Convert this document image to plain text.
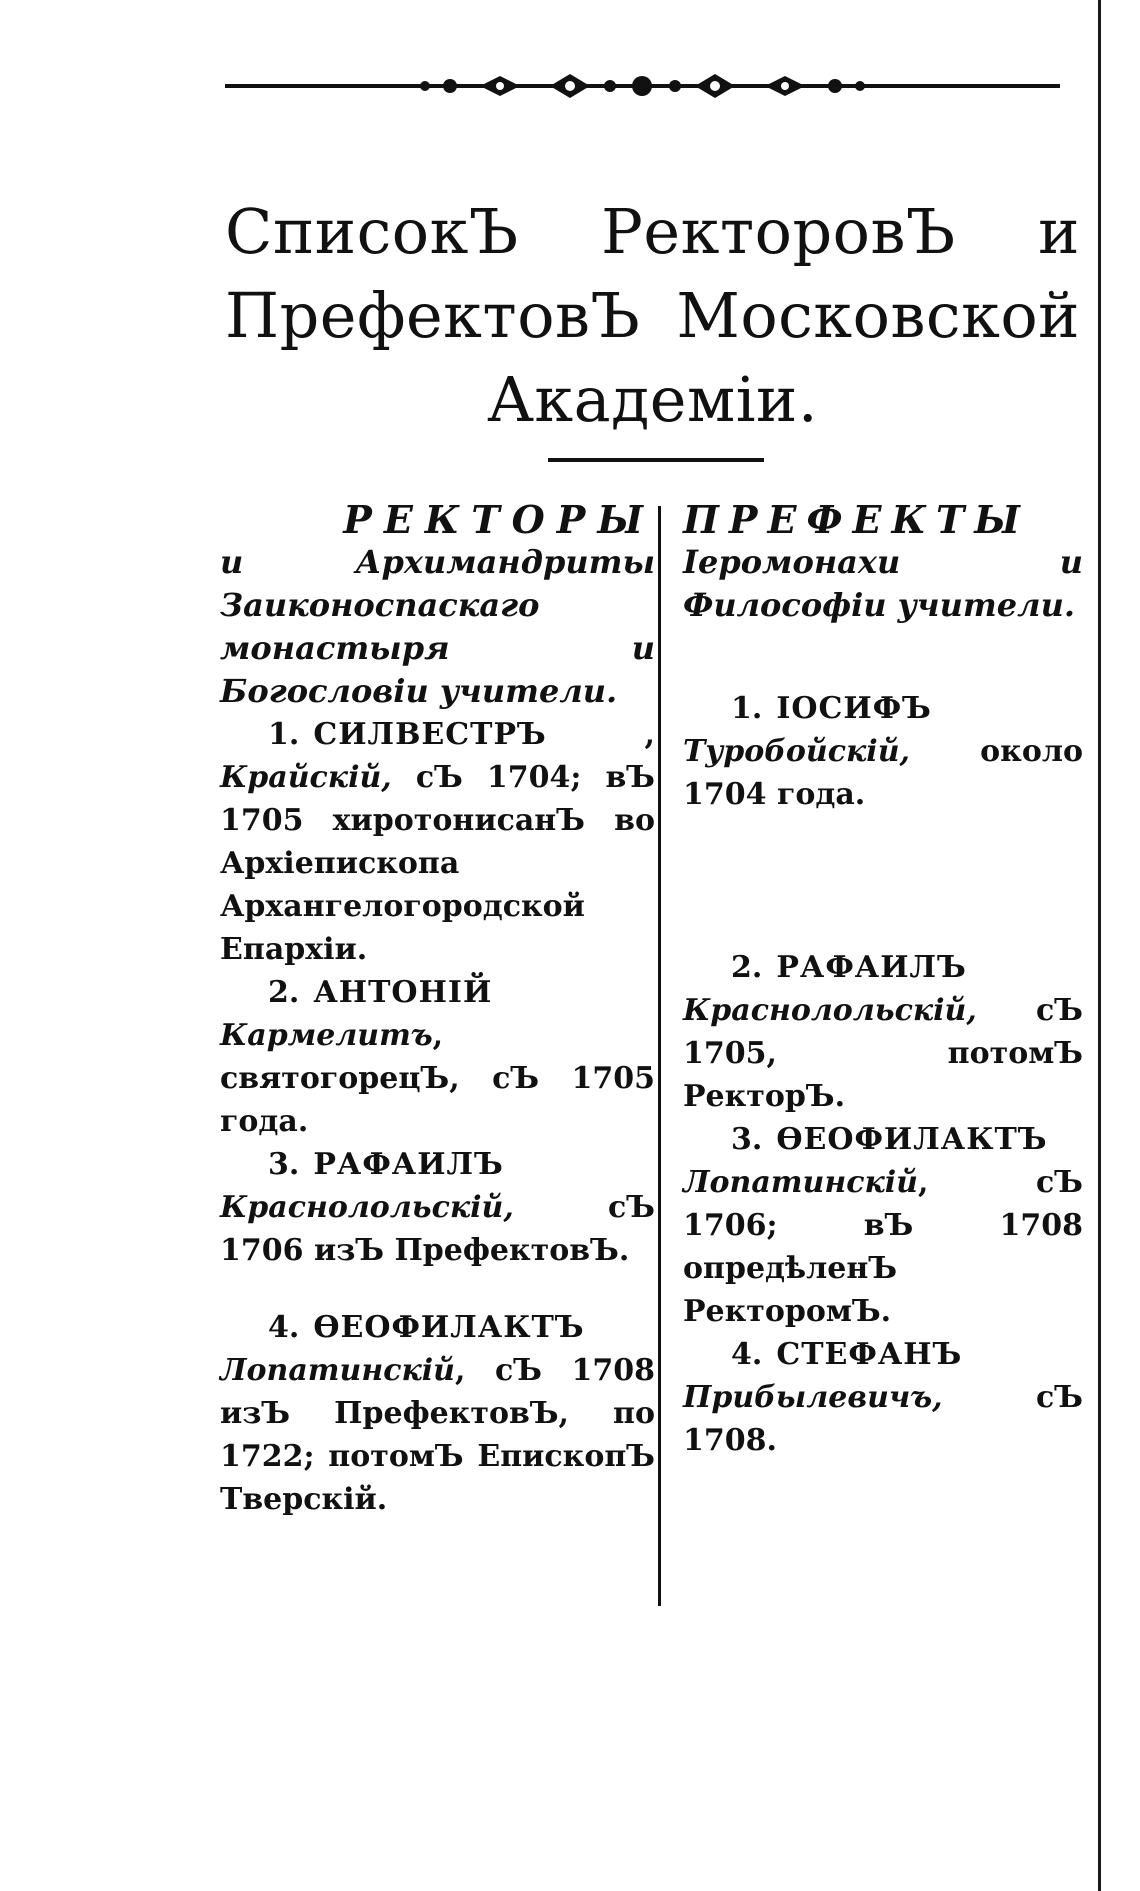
СписокЪ РекторовЪ и ПрефектовЪ Московской Академіи.
РЕКТОРЫ
и Архимандриты Заиконоспаскаго монастыря и Богословіи учители.
1. СИЛВЕСТРЪ , Крайскій, сЪ 1704; вЪ 1705 хиротонисанЪ во Архіепископа Архангелогородской Епархіи.
2. АНТОНІЙ Кармелитъ, святогорецЪ, сЪ 1705 года.
3. РАФАИЛЪ Краснолольскій,	сЪ 1706 изЪ ПрефектовЪ.
4. ѲЕОФИЛАКТЪ Лопатинскій, сЪ 1708 изЪ ПрефектовЪ, по 1722; потомЪ ЕпископЪ Тверскій.
ПРЕФЕКТЫ
Іеромонахи и Философіи учители.
1. ІОСИФЪ Туробойскій, около 1704 года.
2. РАФАИЛЪ Краснолольскій, сЪ 1705, потомЪ РекторЪ.
3. ѲЕОФИЛАКТЪ Лопатинскій, сЪ 1706; вЪ 1708 опредѣленЪ РекторомЪ.
4. СТЕФАНЪ Прибылевичъ,	сЪ 1708.
